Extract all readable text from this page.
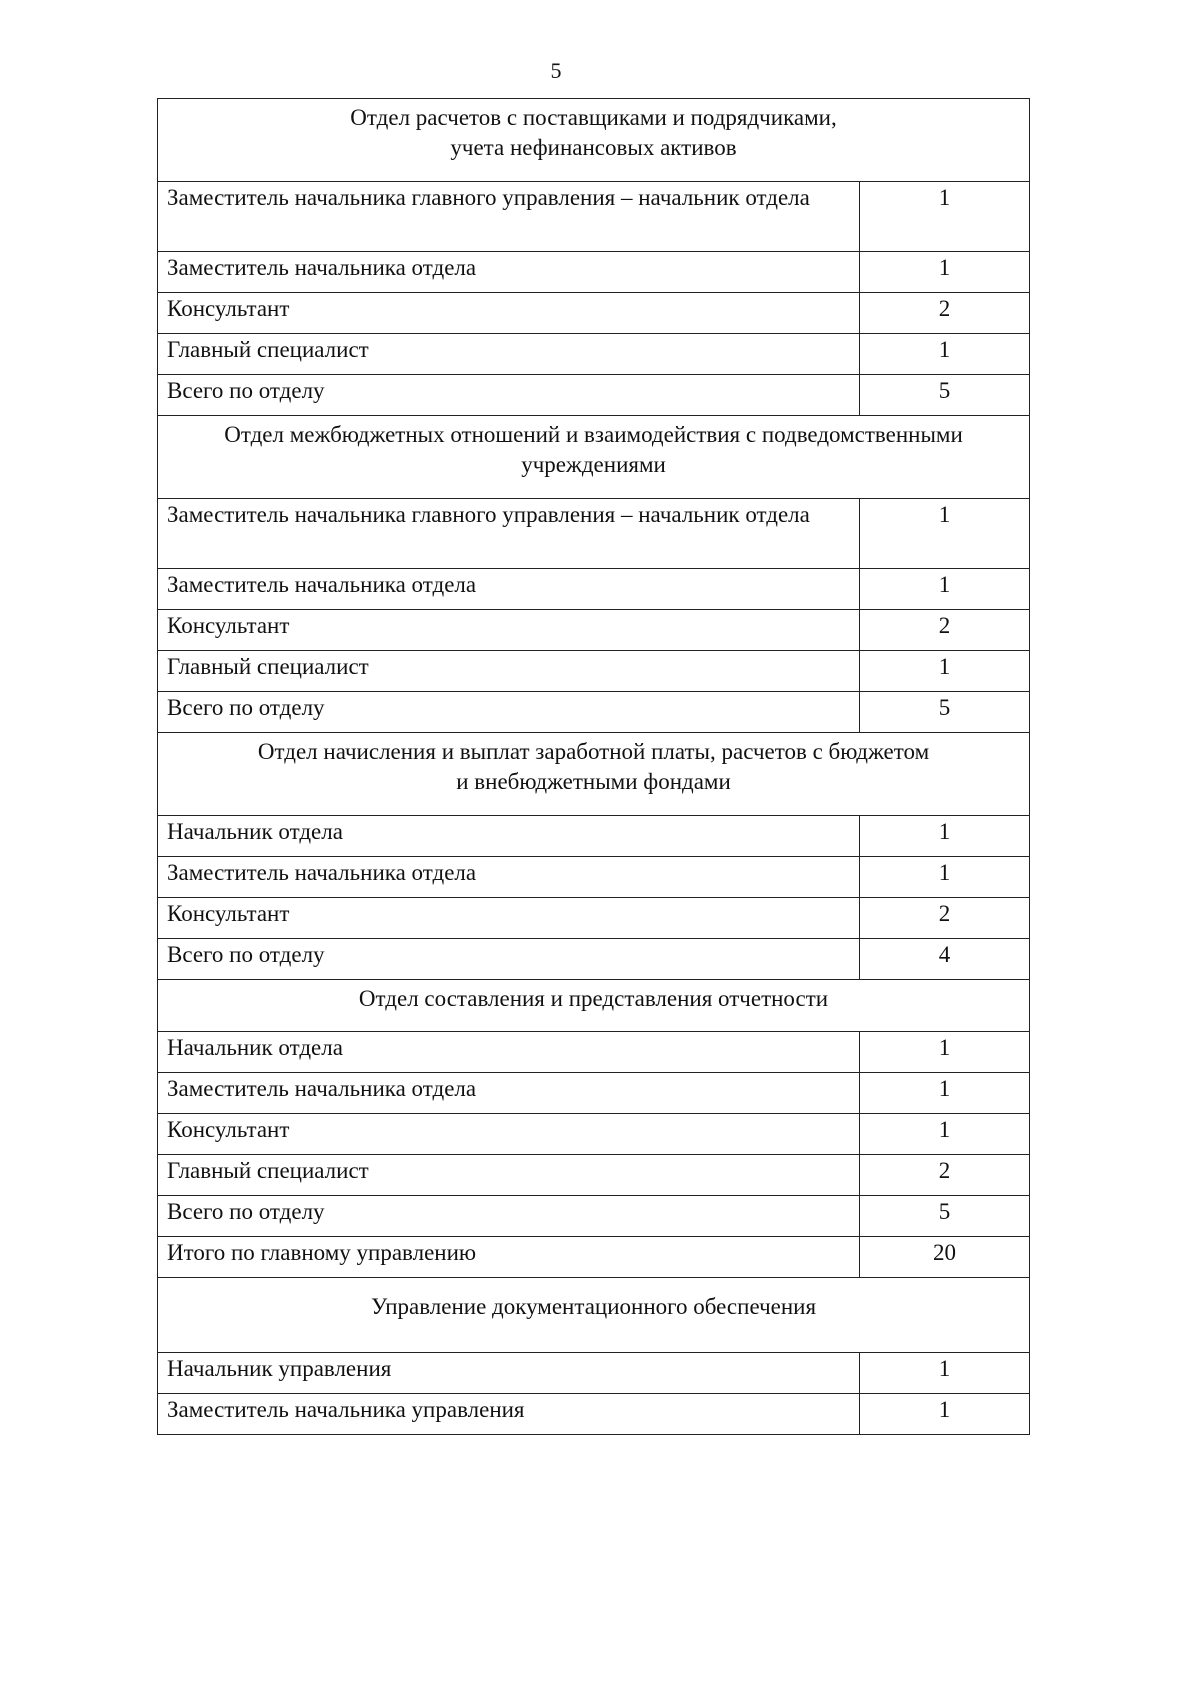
5
Отдел расчетов с поставщиками и подрядчиками,
учета нефинансовых активов	
Заместитель начальника главного управления – начальник отдела	1
Заместитель начальника отдела	1
Консультант	2
Главный специалист	1
Всего по отделу	5
Отдел межбюджетных отношений и взаимодействия с подведомственными
учреждениями	
Заместитель начальника главного управления – начальник отдела	1
Заместитель начальника отдела	1
Консультант	2
Главный специалист	1
Всего по отделу	5
Отдел начисления и выплат заработной платы, расчетов с бюджетом
и внебюджетными фондами	
Начальник отдела	1
Заместитель начальника отдела	1
Консультант	2
Всего по отделу	4
Отдел составления и представления отчетности	
Начальник отдела	1
Заместитель начальника отдела	1
Консультант	1
Главный специалист	2
Всего по отделу	5
Итого по главному управлению	20
Управление документационного обеспечения	
Начальник управления	1
Заместитель начальника управления	1
